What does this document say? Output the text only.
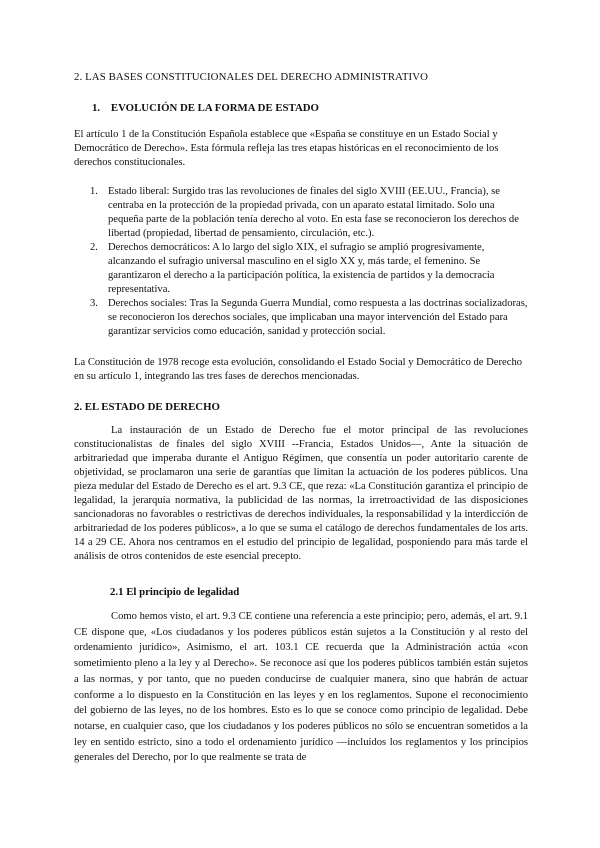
2. LAS BASES CONSTITUCIONALES DEL DERECHO ADMINISTRATIVO
1. EVOLUCIÓN DE LA FORMA DE ESTADO

El artículo 1 de la Constitución Española establece que «España se constituye en un Estado Social y Democrático de Derecho». Esta fórmula refleja las tres etapas históricas en el reconocimiento de los derechos constitucionales.

1. Estado liberal: Surgido tras las revoluciones de finales del siglo XVIII (EE.UU., Francia), se centraba en la protección de la propiedad privada, con un aparato estatal limitado. Solo una pequeña parte de la población tenía derecho al voto. En esta fase se reconocieron los derechos de libertad (propiedad, libertad de pensamiento, circulación, etc.).
2. Derechos democráticos: A lo largo del siglo XIX, el sufragio se amplió progresivamente, alcanzando el sufragio universal masculino en el siglo XX y, más tarde, el femenino. Se garantizaron el derecho a la participación política, la existencia de partidos y la democracia representativa.
3. Derechos sociales: Tras la Segunda Guerra Mundial, como respuesta a las doctrinas socializadoras, se reconocieron los derechos sociales, que implicaban una mayor intervención del Estado para garantizar servicios como educación, sanidad y protección social.

La Constitución de 1978 recoge esta evolución, consolidando el Estado Social y Democrático de Derecho en su artículo 1, integrando las tres fases de derechos mencionadas.

2. EL ESTADO DE DERECHO

La instauración de un Estado de Derecho fue el motor principal de las revoluciones constitucionalistas de finales del siglo XVIII --Francia, Estados Unidos—, Ante la situación de arbitrariedad que imperaba durante el Antiguo Régimen, que consentía un poder autoritario carente de objetividad, se proclamaron una serie de garantías que limitan la actuación de los poderes públicos. Una pieza medular del Estado de Derecho es el art. 9.3 CE, que reza: «La Constitución garantiza el principio de legalidad, la jerarquía normativa, la publicidad de las normas, la irretroactividad de las disposiciones sancionadoras no favorables o restrictivas de derechos individuales, la responsabilidad y la interdicción de arbitrariedad de los poderes públicos», a lo que se suma el catálogo de derechos fundamentales de los arts. 14 a 29 CE. Ahora nos centramos en el estudio del principio de legalidad, posponiendo para más tarde el análisis de otros contenidos de este esencial precepto.

2.1 El principio de legalidad

Como hemos visto, el art. 9.3 CE contiene una referencia a este principio; pero, además, el art. 9.1 CE dispone que, «Los ciudadanos y los poderes públicos están sujetos a la Constitución y al resto del ordenamiento jurídico», Asimismo, el art. 103.1 CE recuerda que la Administración actúa «con sometimiento pleno a la ley y al Derecho». Se reconoce así que los poderes públicos también están sujetos a las normas, y por tanto, que no pueden conducirse de cualquier manera, sino que habrán de actuar conforme a lo dispuesto en la Constitución en las leyes y en los reglamentos. Supone el reconocimiento del gobierno de las leyes, no de los hombres. Esto es lo que se conoce como principio de legalidad. Debe notarse, en cualquier caso, que los ciudadanos y los poderes públicos no sólo se encuentran sometidos a la ley en sentido estricto, sino a todo el ordenamiento jurídico —incluidos los reglamentos y los principios generales del Derecho, por lo que realmente se trata de
